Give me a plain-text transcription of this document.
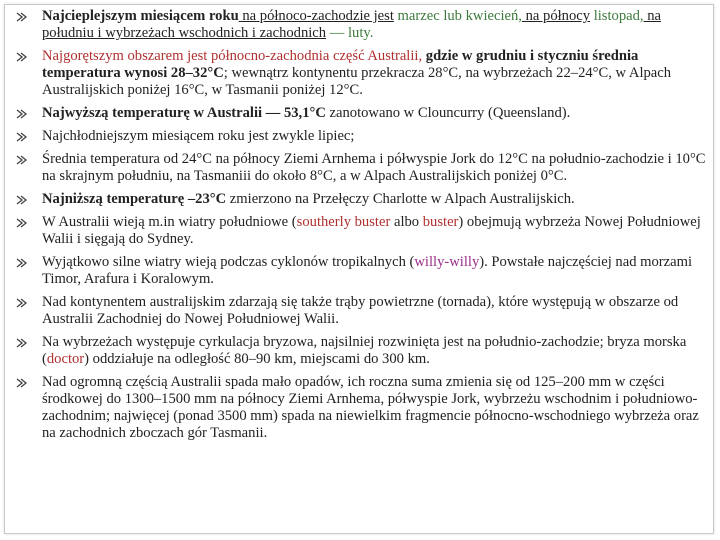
Najcieplejszym miesiącem roku na północo-zachodzie jest marzec lub kwiecień, na północy listopad, na południu i wybrzeżach wschodnich i zachodnich — luty.
Najgorętszym obszarem jest północno-zachodnia część Australii, gdzie w grudniu i styczniu średnia temperatura wynosi 28–32°C; wewnątrz kontynentu przekracza 28°C, na wybrzeżach 22–24°C, w Alpach Australijskich poniżej 16°C, w Tasmanii poniżej 12°C.
Najwyższą temperaturę w Australii — 53,1°C zanotowano w Clouncurry (Queensland).
Najchłodniejszym miesiącem roku jest zwykle lipiec;
Średnia temperatura od 24°C na północy Ziemi Arnhema i półwyspie Jork do 12°C na południo-zachodzie i 10°C na skrajnym południu, na Tasmaniii do około 8°C, a w Alpach Australijskich poniżej 0°C.
Najniższą temperaturę –23°C zmierzono na Przełęczy Charlotte w Alpach Australijskich.
W Australii wieją m.in wiatry południowe (southerly buster albo buster) obejmują wybrzeża Nowej Południowej Walii i sięgają do Sydney.
Wyjątkowo silne wiatry wieją podczas cyklonów tropikalnych (willy-willy). Powstałe najczęściej nad morzami Timor, Arafura i Koralowym.
Nad kontynentem australijskim zdarzają się także trąby powietrzne (tornada), które występują w obszarze od Australii Zachodniej do Nowej Południowej Walii.
Na wybrzeżach występuje cyrkulacja bryzowa, najsilniej rozwinięta jest na południo-zachodzie; bryza morska (doctor) oddziałuje na odległość 80–90 km, miejscami do 300 km.
Nad ogromną częścią Australii spada mało opadów, ich roczna suma zmienia się od 125–200 mm w części środkowej do 1300–1500 mm na północy Ziemi Arnhema, półwyspie Jork, wybrzeżu wschodnim i południowo-zachodnim; najwięcej (ponad 3500 mm) spada na niewielkim fragmencie północno-wschodniego wybrzeża oraz na zachodnich zboczach gór Tasmanii.
